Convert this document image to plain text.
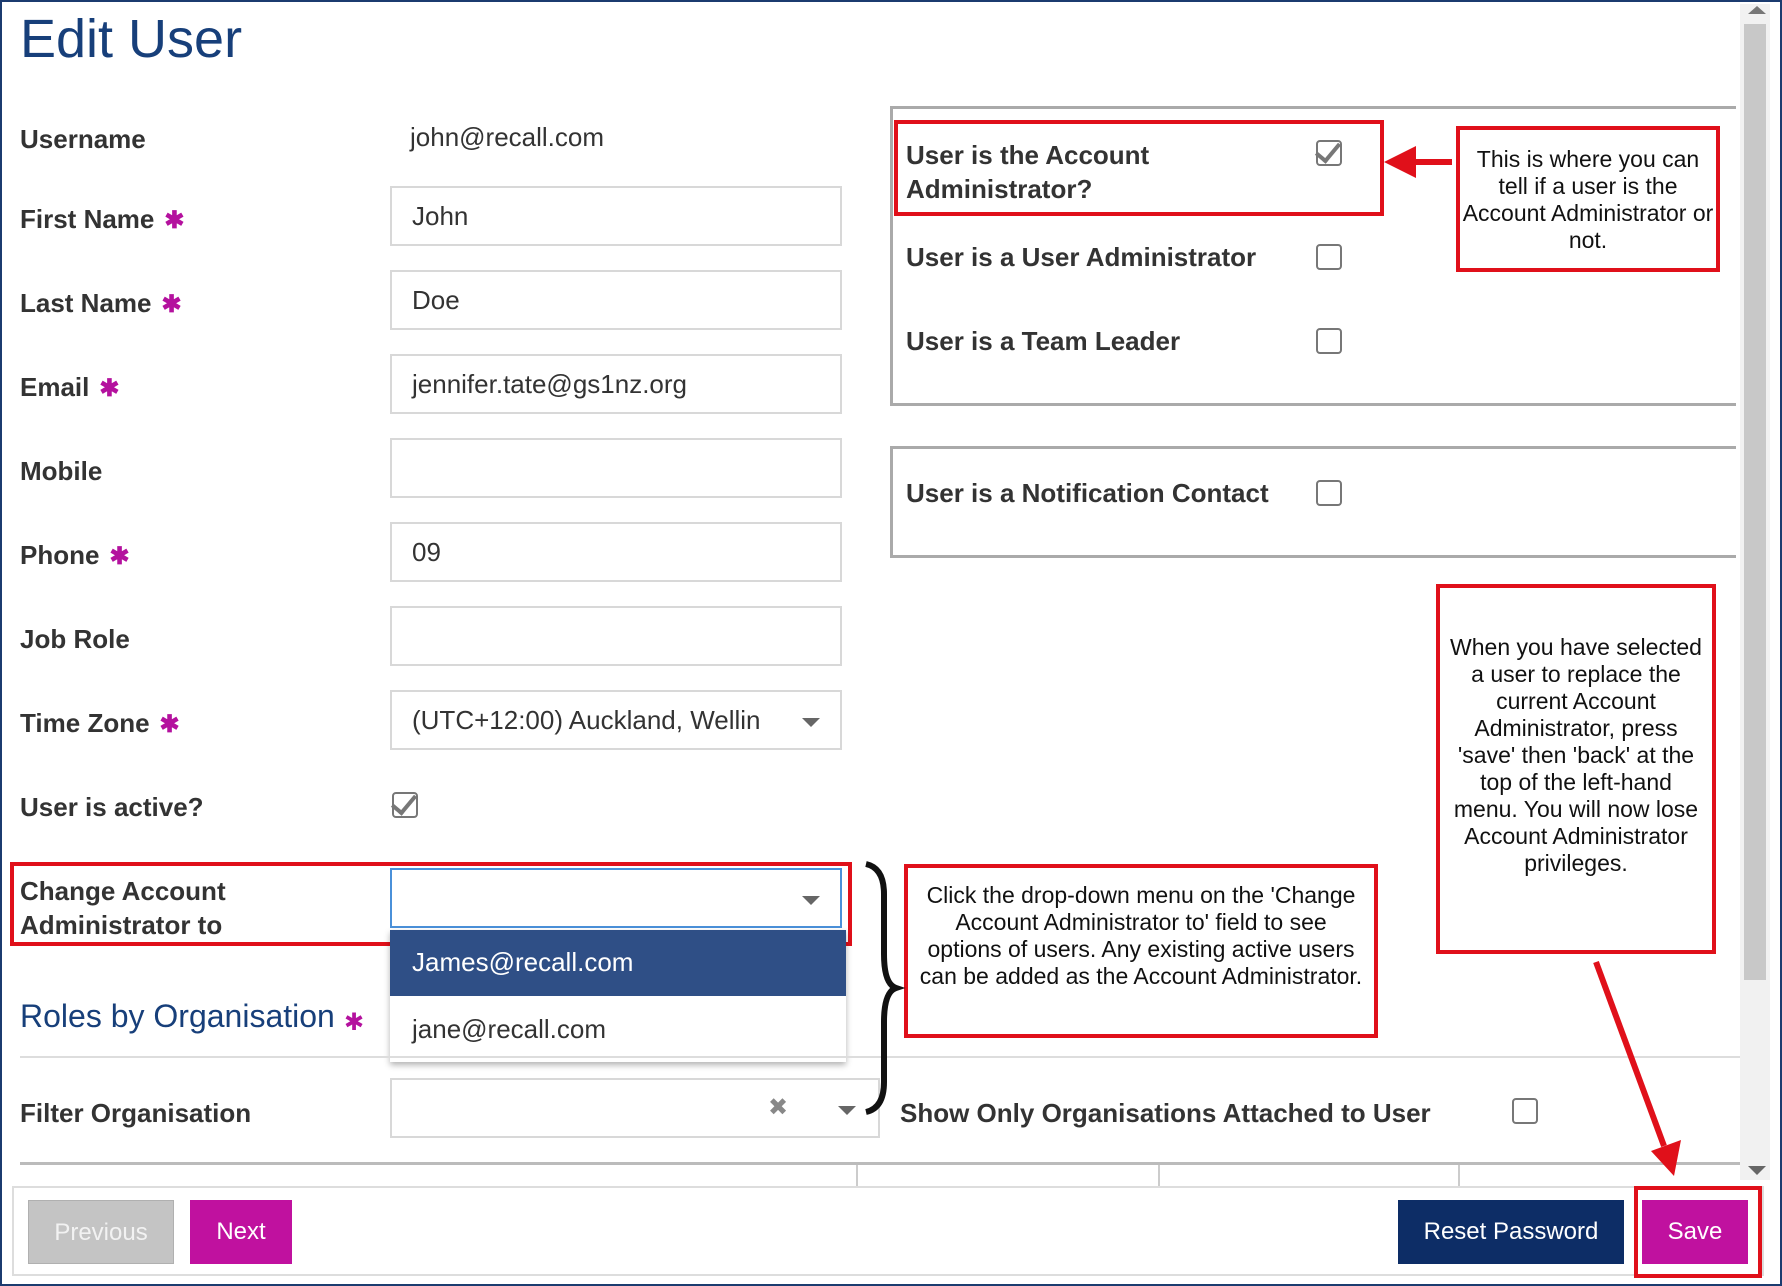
Edit User
Username	john@recall.com
First Name ✱	John
Last Name ✱	Doe
Email ✱	jennifer.tate@gs1nz.org
Mobile
Phone ✱	09
Job Role
Time Zone ✱	(UTC+12:00) Auckland, Wellin
User is active?
Change Account
Administrator to
James@recall.com
jane@recall.com
Roles by Organisation ✱
Filter Organisation	✖	Show Only Organisations Attached to User
User is the Account
Administrator?
User is a User Administrator
User is a Team Leader
User is a Notification Contact
This is where you can tell if a user is the Account Administrator or not.
Click the drop-down menu on the 'Change Account Administrator to' field to see options of users. Any existing active users can be added as the Account Administrator.
When you have selected a user to replace the current Account Administrator, press 'save' then 'back' at the top of the left-hand menu. You will now lose Account Administrator privileges.
Previous	Next	Reset Password	Save
